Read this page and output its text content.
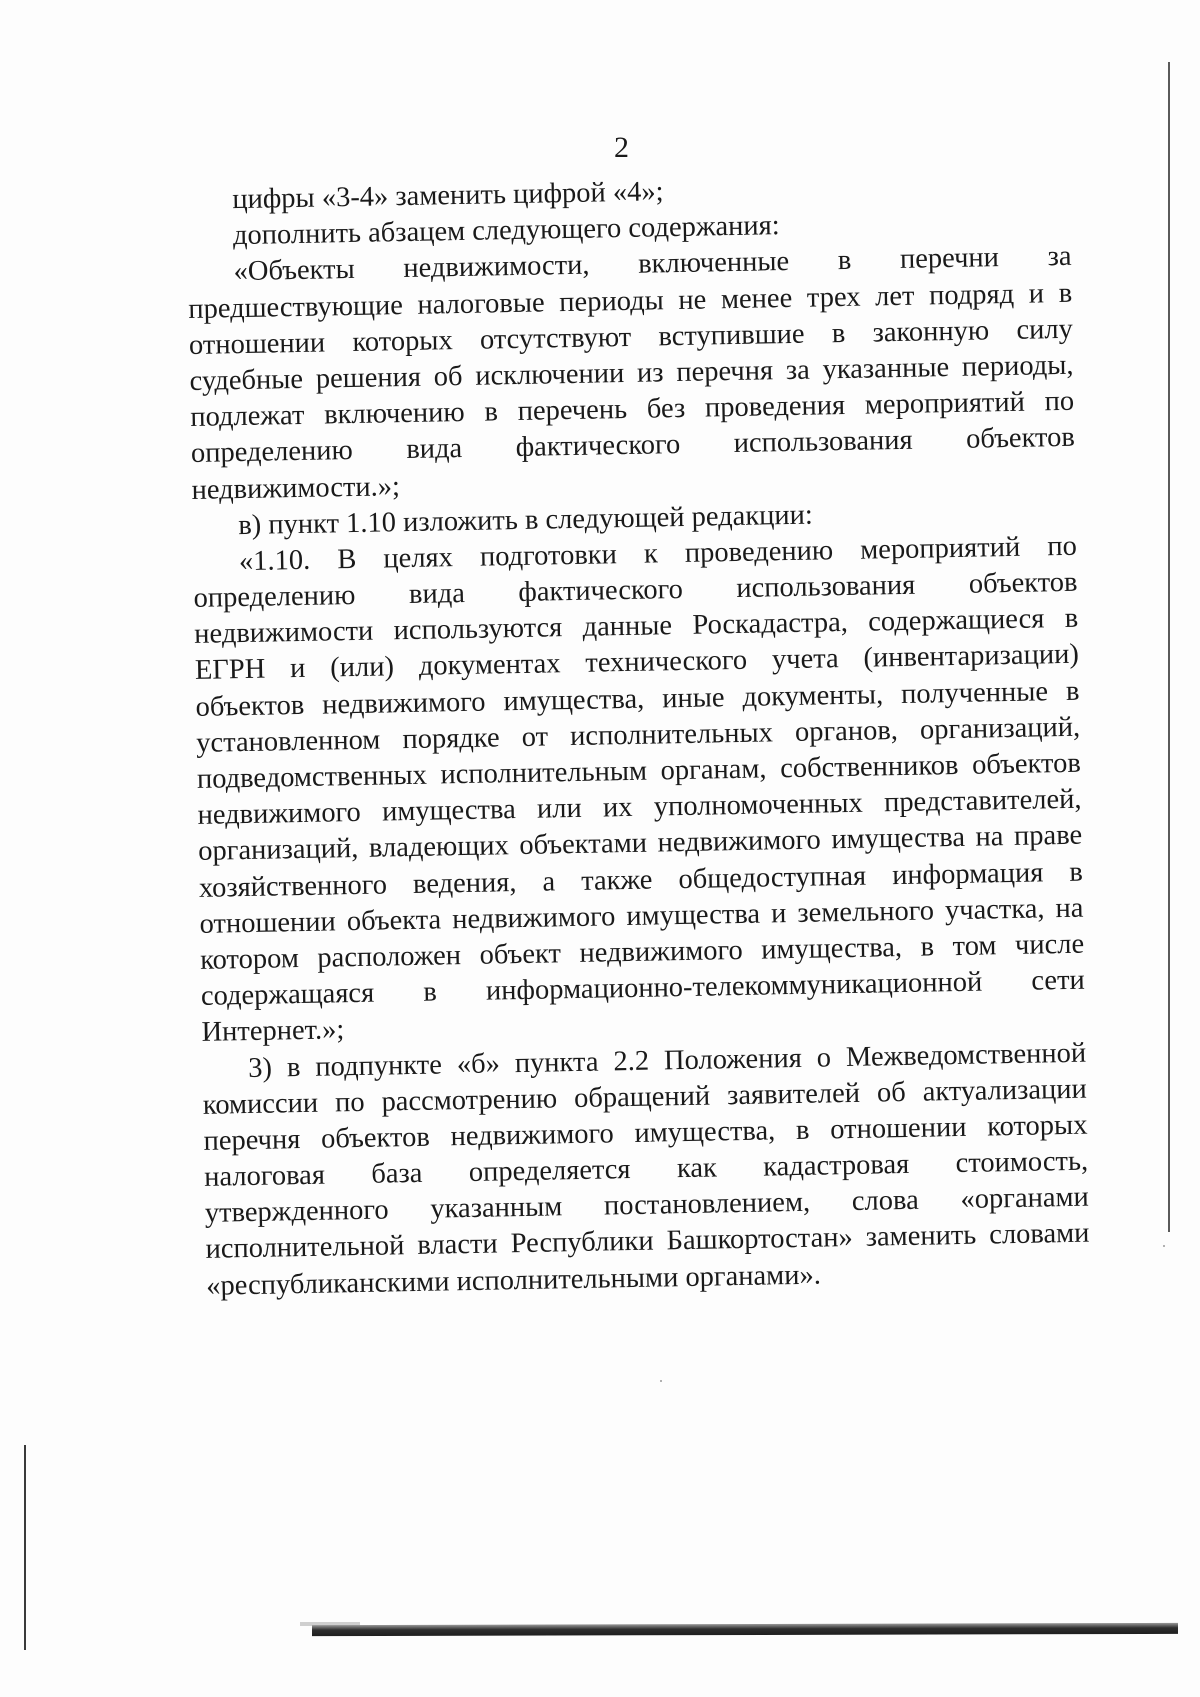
2
цифры «3-4» заменить цифрой «4»;
дополнить абзацем следующего содержания:
«Объекты недвижимости, включенные в перечни за
предшествующие налоговые периоды не менее трех лет подряд и в
отношении которых отсутствуют вступившие в законную силу
судебные решения об исключении из перечня за указанные периоды,
подлежат включению в перечень без проведения мероприятий по
определению вида фактического использования объектов
недвижимости.»;
в) пункт 1.10 изложить в следующей редакции:
«1.10. В целях подготовки к проведению мероприятий по
определению вида фактического использования объектов
недвижимости используются данные Роскадастра, содержащиеся в
ЕГРН и (или) документах технического учета (инвентаризации)
объектов недвижимого имущества, иные документы, полученные в
установленном порядке от исполнительных органов, организаций,
подведомственных исполнительным органам, собственников объектов
недвижимого имущества или их уполномоченных представителей,
организаций, владеющих объектами недвижимого имущества на праве
хозяйственного ведения, а также общедоступная информация в
отношении объекта недвижимого имущества и земельного участка, на
котором расположен объект недвижимого имущества, в том числе
содержащаяся в информационно-телекоммуникационной сети
Интернет.»;
3) в подпункте «б» пункта 2.2 Положения о Межведомственной
комиссии по рассмотрению обращений заявителей об актуализации
перечня объектов недвижимого имущества, в отношении которых
налоговая база определяется как кадастровая стоимость,
утвержденного указанным постановлением, слова «органами
исполнительной власти Республики Башкортостан» заменить словами
«республиканскими исполнительными органами».
